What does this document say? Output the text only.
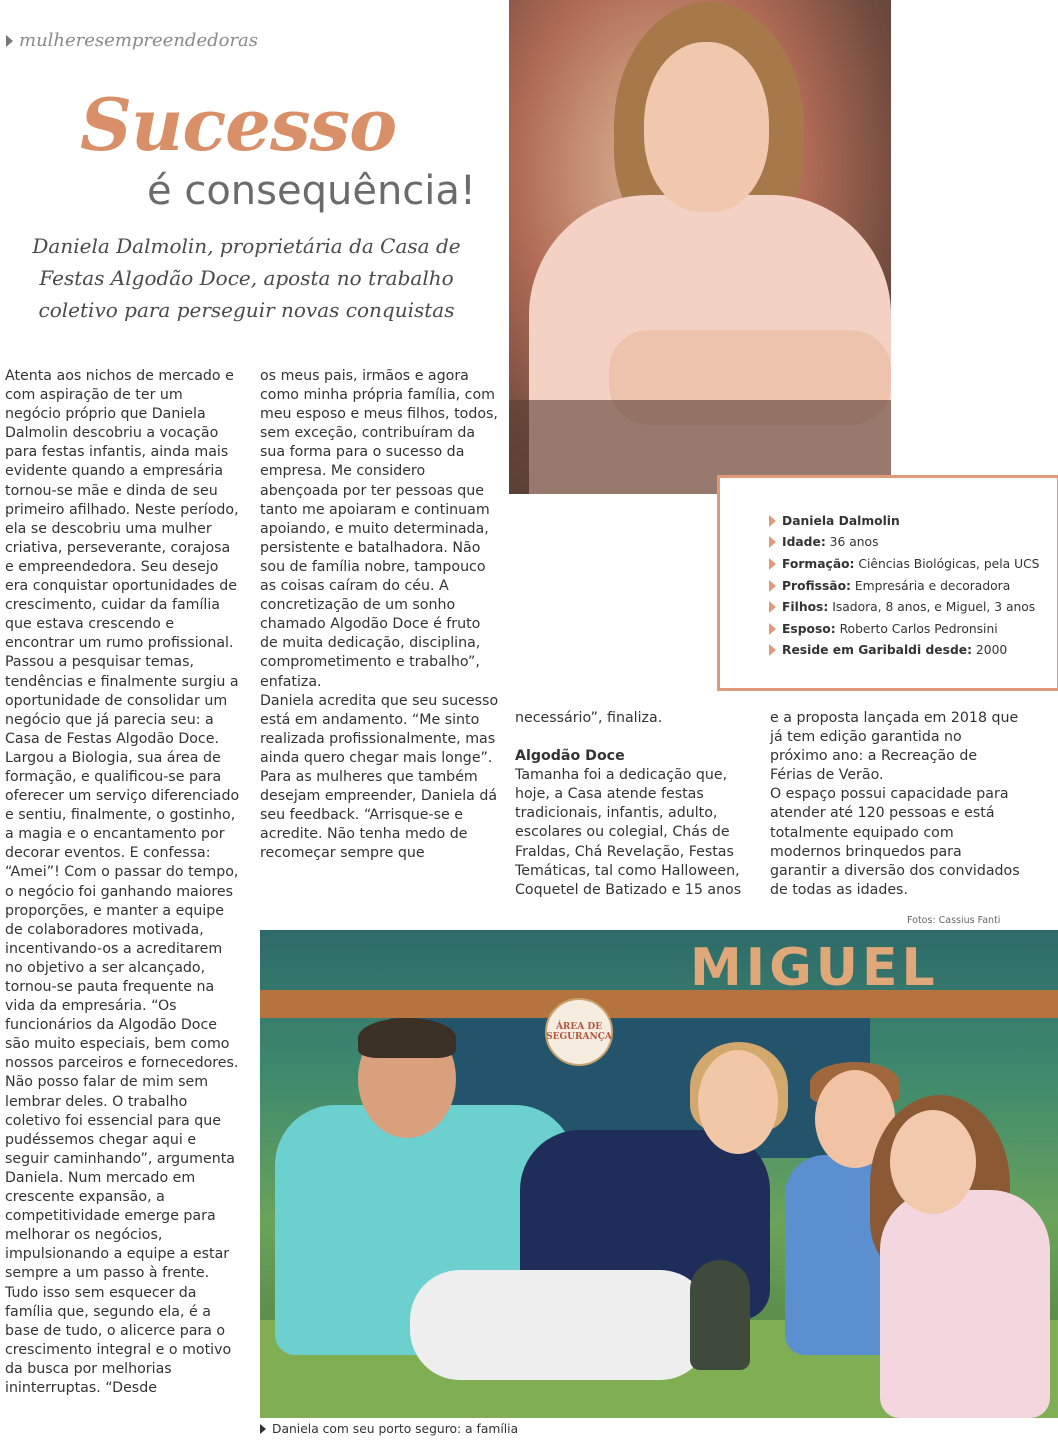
mulheresempreendedoras
Sucesso
é consequência!
Daniela Dalmolin, proprietária da Casa de Festas Algodão Doce, aposta no trabalho coletivo para perseguir novas conquistas
Daniela Dalmolin
Idade: 36 anos
Formação: Ciências Biológicas, pela UCS
Profissão: Empresária e decoradora
Filhos: Isadora, 8 anos, e Miguel, 3 anos
Esposo: Roberto Carlos Pedronsini
Reside em Garibaldi desde: 2000

Atenta aos nichos de mercado e com aspiração de ter um negócio próprio que Daniela Dalmolin descobriu a vocação para festas infantis, ainda mais evidente quando a empresária tornou-se mãe e dinda de seu primeiro afilhado. Neste período, ela se descobriu uma mulher criativa, perseverante, corajosa e empreendedora. Seu desejo era conquistar oportunidades de crescimento, cuidar da família que estava crescendo e encontrar um rumo profissional. Passou a pesquisar temas, tendências e finalmente surgiu a oportunidade de consolidar um negócio que já parecia seu: a Casa de Festas Algodão Doce. Largou a Biologia, sua área de formação, e qualificou-se para oferecer um serviço diferenciado e sentiu, finalmente, o gostinho, a magia e o encantamento por decorar eventos. E confessa: “Amei”! Com o passar do tempo, o negócio foi ganhando maiores proporções, e manter a equipe de colaboradores motivada, incentivando-os a acreditarem no objetivo a ser alcançado, tornou-se pauta frequente na vida da empresária. “Os funcionários da Algodão Doce são muito especiais, bem como nossos parceiros e fornecedores. Não posso falar de mim sem lembrar deles. O trabalho coletivo foi essencial para que pudéssemos chegar aqui e seguir caminhando”, argumenta Daniela. Num mercado em crescente expansão, a competitividade emerge para melhorar os negócios, impulsionando a equipe a estar sempre a um passo à frente. Tudo isso sem esquecer da família que, segundo ela, é a base de tudo, o alicerce para o crescimento integral e o motivo da busca por melhorias ininterruptas. “Desde

os meus pais, irmãos e agora como minha própria família, com meu esposo e meus filhos, todos, sem exceção, contribuíram da sua forma para o sucesso da empresa. Me considero abençoada por ter pessoas que tanto me apoiaram e continuam apoiando, e muito determinada, persistente e batalhadora. Não sou de família nobre, tampouco as coisas caíram do céu. A concretização de um sonho chamado Algodão Doce é fruto de muita dedicação, disciplina, comprometimento e trabalho”, enfatiza.

Daniela acredita que seu sucesso está em andamento. “Me sinto realizada profissionalmente, mas ainda quero chegar mais longe”. Para as mulheres que também desejam empreender, Daniela dá seu feedback. “Arrisque-se e acredite. Não tenha medo de recomeçar sempre que

necessário”, finaliza.

Algodão Doce

Tamanha foi a dedicação que, hoje, a Casa atende festas tradicionais, infantis, adulto, escolares ou colegial, Chás de Fraldas, Chá Revelação, Festas Temáticas, tal como Halloween, Coquetel de Batizado e 15 anos

e a proposta lançada em 2018 que já tem edição garantida no próximo ano: a Recreação de Férias de Verão.

O espaço possui capacidade para atender até 120 pessoas e está totalmente equipado com modernos brinquedos para garantir a diversão dos convidados de todas as idades.

Fotos: Cassius Fanti
MIGUEL
ÁREA DE
SEGURANÇA
Daniela com seu porto seguro: a família
